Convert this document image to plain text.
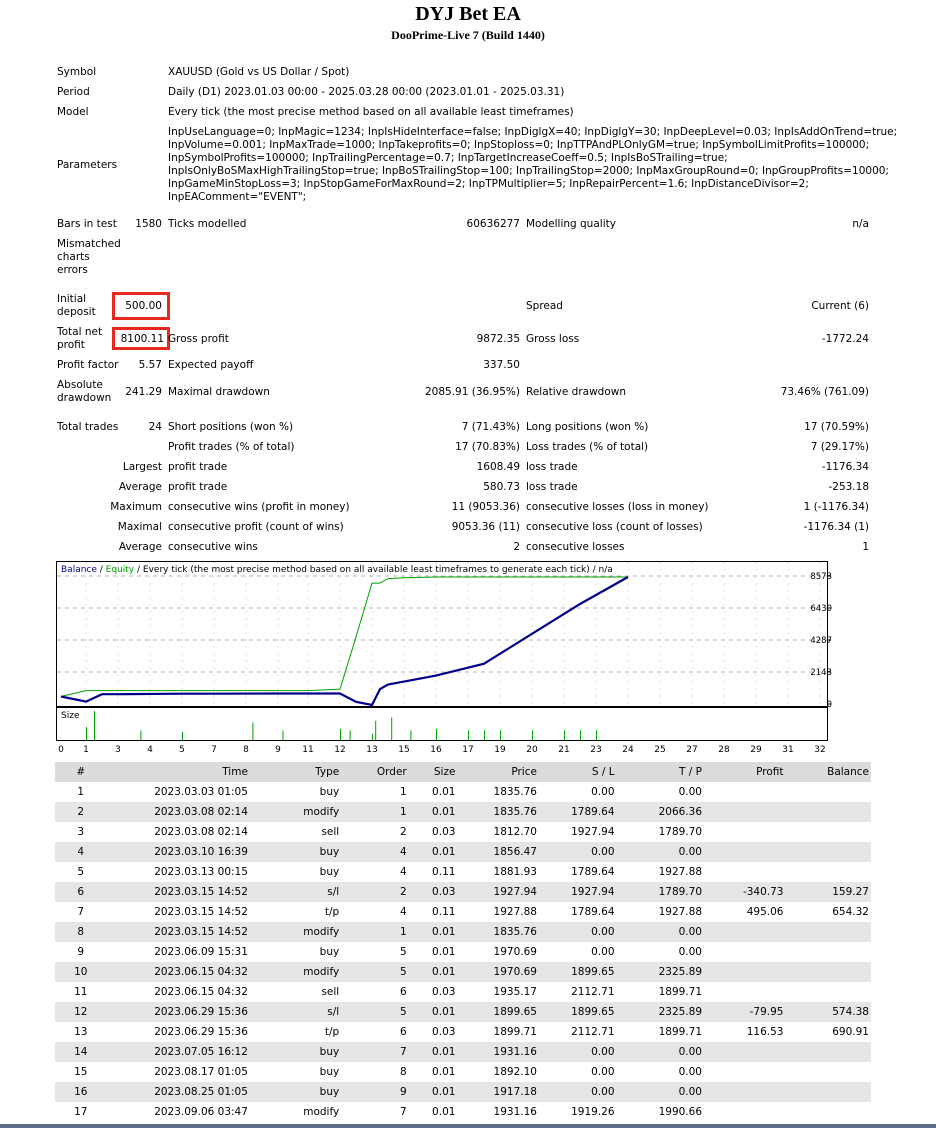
DYJ Bet EA
DooPrime-Live 7 (Build 1440)
Symbol	XAUUSD (Gold vs US Dollar / Spot)
Period	Daily (D1) 2023.01.03 00:00 - 2025.03.28 00:00 (2023.01.01 - 2025.03.31)
Model	Every tick (the most precise method based on all available least timeframes)
Parameters
InpUseLanguage=0; InpMagic=1234; InpIsHideInterface=false; InpDiglgX=40; InpDiglgY=30; InpDeepLevel=0.03; InpIsAddOnTrend=true;
InpVolume=0.001; InpMaxTrade=1000; InpTakeprofits=0; InpStoploss=0; InpTTPAndPLOnlyGM=true; InpSymbolLimitProfits=100000;
InpSymbolProfits=100000; InpTrailingPercentage=0.7; InpTargetIncreaseCoeff=0.5; InpIsBoSTrailing=true;
InpIsOnlyBoSMaxHighTrailingStop=true; InpBoSTrailingStop=100; InpTrailingStop=2000; InpMaxGroupRound=0; InpGroupProfits=10000;
InpGameMinStopLoss=3; InpStopGameForMaxRound=2; InpTPMultiplier=5; InpRepairPercent=1.6; InpDistanceDivisor=2;
InpEAComment="EVENT";
Bars in test	1580 Ticks modelled	60636277 Modelling quality	n/a
Mismatched
charts
errors
Initial
deposit	500.00	Spread	Current (6)
Total net
profit	8100.11 Gross profit	9872.35 Gross loss	-1772.24
Profit factor	5.57 Expected payoff	337.50
Absolute
drawdown	241.29 Maximal drawdown	2085.91 (36.95%) Relative drawdown	73.46% (761.09)
Total trades	24 Short positions (won %)	7 (71.43%) Long positions (won %)	17 (70.59%)
Profit trades (% of total)	17 (70.83%) Loss trades (% of total)	7 (29.17%)
Largest profit trade	1608.49 loss trade	-1176.34
Average profit trade	580.73 loss trade	-253.18
Maximum consecutive wins (profit in money)	11 (9053.36) consecutive losses (loss in money)	1 (-1176.34)
Maximal consecutive profit (count of wins)	9053.36 (11) consecutive loss (count of losses)	-1176.34 (1)
Average consecutive wins	2 consecutive losses	1
Balance / Equity / Every tick (the most precise method based on all available least timeframes to generate each tick) / n/a
Size
8573
6430
4287
2143
0
0 1	3	4	5	7	8	9 11 12 13 15 16 17 19 20 21 23 24 25 27 28 29 31 32
#	Time	Type	Order	Size	Price	S / L	T / P	Profit	Balance
1	2023.03.03 01:05	buy	1	0.01	1835.76	0.00	0.00		
2	2023.03.08 02:14	modify	1	0.01	1835.76	1789.64	2066.36		
3	2023.03.08 02:14	sell	2	0.03	1812.70	1927.94	1789.70		
4	2023.03.10 16:39	buy	4	0.01	1856.47	0.00	0.00		
5	2023.03.13 00:15	buy	4	0.11	1881.93	1789.64	1927.88		
6	2023.03.15 14:52	s/l	2	0.03	1927.94	1927.94	1789.70	-340.73	159.27
7	2023.03.15 14:52	t/p	4	0.11	1927.88	1789.64	1927.88	495.06	654.32
8	2023.03.15 14:52	modify	1	0.01	1835.76	0.00	0.00		
9	2023.06.09 15:31	buy	5	0.01	1970.69	0.00	0.00		
10	2023.06.15 04:32	modify	5	0.01	1970.69	1899.65	2325.89		
11	2023.06.15 04:32	sell	6	0.03	1935.17	2112.71	1899.71		
12	2023.06.29 15:36	s/l	5	0.01	1899.65	1899.65	2325.89	-79.95	574.38
13	2023.06.29 15:36	t/p	6	0.03	1899.71	2112.71	1899.71	116.53	690.91
14	2023.07.05 16:12	buy	7	0.01	1931.16	0.00	0.00		
15	2023.08.17 01:05	buy	8	0.01	1892.10	0.00	0.00		
16	2023.08.25 01:05	buy	9	0.01	1917.18	0.00	0.00		
17	2023.09.06 03:47	modify	7	0.01	1931.16	1919.26	1990.66		
